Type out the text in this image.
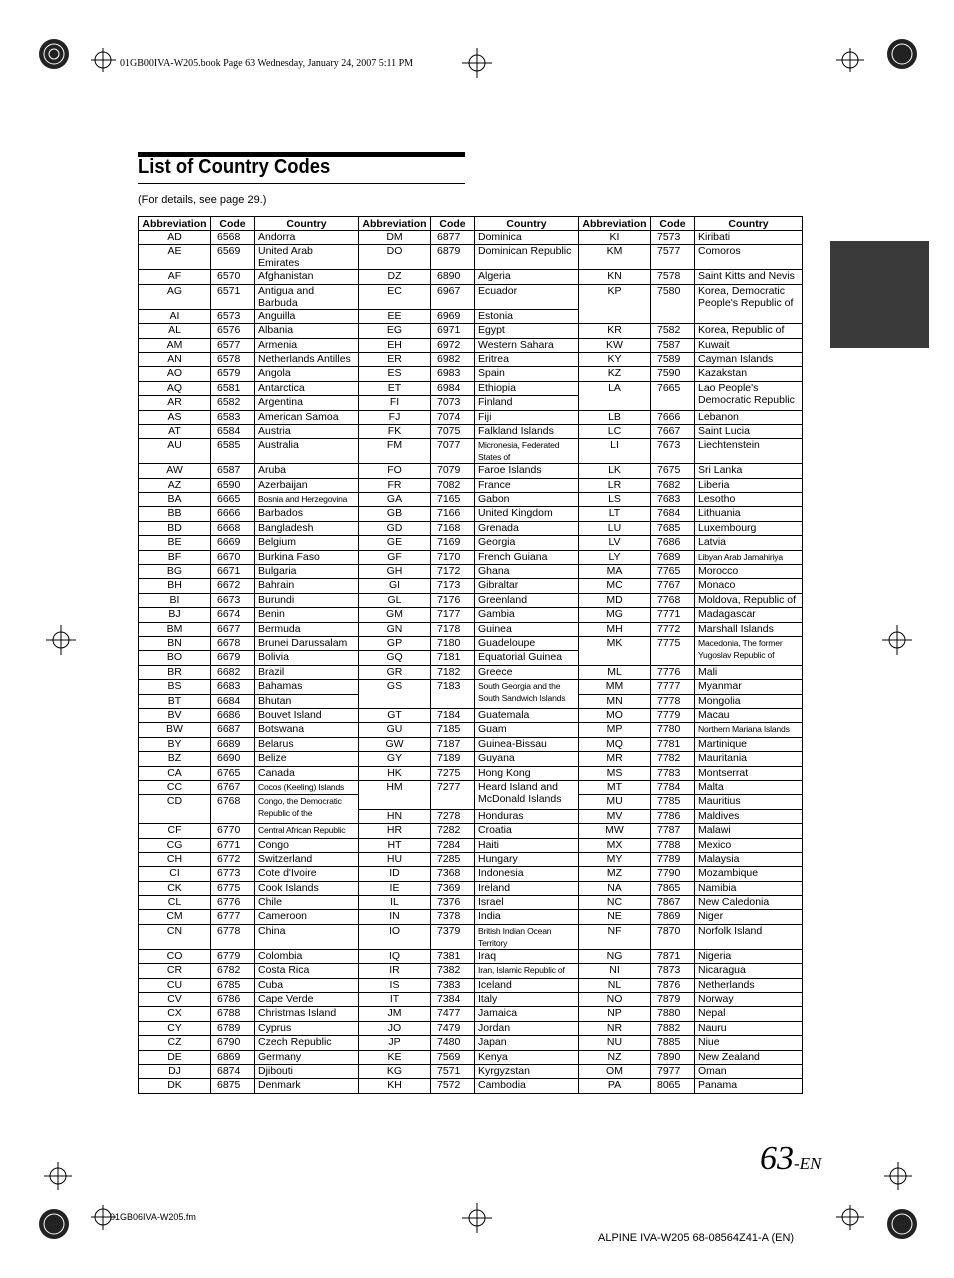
01GB00IVA-W205.book Page 63 Wednesday, January 24, 2007 5:11 PM
List of Country Codes
(For details, see page 29.)
Abbreviation	Code	Country	Abbreviation	Code	Country	Abbreviation	Code	Country
AD	6568	Andorra	DM	6877	Dominica	KI	7573	Kiribati
AE	6569	United Arab Emirates	DO	6879	Dominican Republic	KM	7577	Comoros
AF	6570	Afghanistan	DZ	6890	Algeria	KN	7578	Saint Kitts and Nevis
AG	6571	Antigua and Barbuda	EC	6967	Ecuador	KP	7580	Korea, Democratic People's Republic of
AI	6573	Anguilla	EE	6969	Estonia			
AL	6576	Albania	EG	6971	Egypt	KR	7582	Korea, Republic of
AM	6577	Armenia	EH	6972	Western Sahara	KW	7587	Kuwait
AN	6578	Netherlands Antilles	ER	6982	Eritrea	KY	7589	Cayman Islands
AO	6579	Angola	ES	6983	Spain	KZ	7590	Kazakstan
AQ	6581	Antarctica	ET	6984	Ethiopia	LA	7665	Lao People's Democratic Republic
AR	6582	Argentina	FI	7073	Finland			
AS	6583	American Samoa	FJ	7074	Fiji	LB	7666	Lebanon
AT	6584	Austria	FK	7075	Falkland Islands	LC	7667	Saint Lucia
AU	6585	Australia	FM	7077	Micronesia, Federated States of	LI	7673	Liechtenstein
AW	6587	Aruba	FO	7079	Faroe Islands	LK	7675	Sri Lanka
AZ	6590	Azerbaijan	FR	7082	France	LR	7682	Liberia
BA	6665	Bosnia and Herzegovina	GA	7165	Gabon	LS	7683	Lesotho
BB	6666	Barbados	GB	7166	United Kingdom	LT	7684	Lithuania
BD	6668	Bangladesh	GD	7168	Grenada	LU	7685	Luxembourg
BE	6669	Belgium	GE	7169	Georgia	LV	7686	Latvia
BF	6670	Burkina Faso	GF	7170	French Guiana	LY	7689	Libyan Arab Jamahiriya
BG	6671	Bulgaria	GH	7172	Ghana	MA	7765	Morocco
BH	6672	Bahrain	GI	7173	Gibraltar	MC	7767	Monaco
BI	6673	Burundi	GL	7176	Greenland	MD	7768	Moldova, Republic of
BJ	6674	Benin	GM	7177	Gambia	MG	7771	Madagascar
BM	6677	Bermuda	GN	7178	Guinea	MH	7772	Marshall Islands
BN	6678	Brunei Darussalam	GP	7180	Guadeloupe	MK	7775	Macedonia, The former Yugoslav Republic of
BO	6679	Bolivia	GQ	7181	Equatorial Guinea			
BR	6682	Brazil	GR	7182	Greece	ML	7776	Mali
BS	6683	Bahamas	GS	7183	South Georgia and the South Sandwich Islands	MM	7777	Myanmar
BT	6684	Bhutan				MN	7778	Mongolia
BV	6686	Bouvet Island	GT	7184	Guatemala	MO	7779	Macau
BW	6687	Botswana	GU	7185	Guam	MP	7780	Northern Mariana Islands
BY	6689	Belarus	GW	7187	Guinea-Bissau	MQ	7781	Martinique
BZ	6690	Belize	GY	7189	Guyana	MR	7782	Mauritania
CA	6765	Canada	HK	7275	Hong Kong	MS	7783	Montserrat
CC	6767	Cocos (Keeling) Islands	HM	7277	Heard Island and McDonald Islands	MT	7784	Malta
CD	6768	Congo, the Democratic Republic of the				MU	7785	Mauritius
			HN	7278	Honduras	MV	7786	Maldives
CF	6770	Central African Republic	HR	7282	Croatia	MW	7787	Malawi
CG	6771	Congo	HT	7284	Haiti	MX	7788	Mexico
CH	6772	Switzerland	HU	7285	Hungary	MY	7789	Malaysia
CI	6773	Cote d'Ivoire	ID	7368	Indonesia	MZ	7790	Mozambique
CK	6775	Cook Islands	IE	7369	Ireland	NA	7865	Namibia
CL	6776	Chile	IL	7376	Israel	NC	7867	New Caledonia
CM	6777	Cameroon	IN	7378	India	NE	7869	Niger
CN	6778	China	IO	7379	British Indian Ocean Territory	NF	7870	Norfolk Island
CO	6779	Colombia	IQ	7381	Iraq	NG	7871	Nigeria
CR	6782	Costa Rica	IR	7382	Iran, Islamic Republic of	NI	7873	Nicaragua
CU	6785	Cuba	IS	7383	Iceland	NL	7876	Netherlands
CV	6786	Cape Verde	IT	7384	Italy	NO	7879	Norway
CX	6788	Christmas Island	JM	7477	Jamaica	NP	7880	Nepal
CY	6789	Cyprus	JO	7479	Jordan	NR	7882	Nauru
CZ	6790	Czech Republic	JP	7480	Japan	NU	7885	Niue
DE	6869	Germany	KE	7569	Kenya	NZ	7890	New Zealand
DJ	6874	Djibouti	KG	7571	Kyrgyzstan	OM	7977	Oman
DK	6875	Denmark	KH	7572	Cambodia	PA	8065	Panama
63-EN
01GB06IVA-W205.fm
ALPINE IVA-W205 68-08564Z41-A (EN)
